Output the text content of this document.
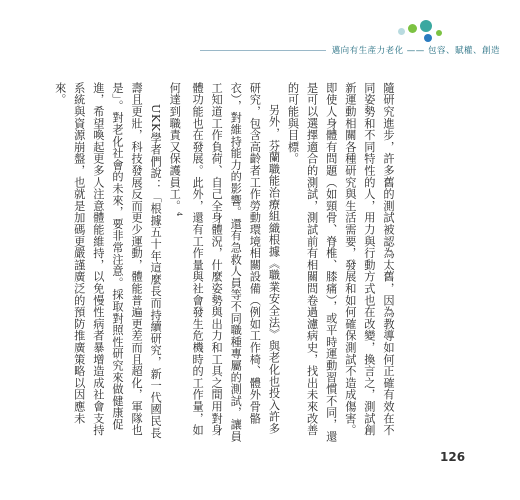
邁向有生產力老化 —— 包容、賦權、創造

隨研究進步，許多舊的測試被認為太舊，因為教導如何正確有效在不同姿勢和不同特性的人，用力與行動方式也在改變，換言之，測試創新運動相關各種研究與生活需要，發展和如何確保測試不造成傷害。即使人身體有問題（如頸骨、脊椎、膝痛），或平時運動習慣不同，還是可以選擇適合的測試，測試前有相關問卷過濾病史，找出未來改善的可能與目標。

另外，芬蘭職能治療組織根據《職業安全法》與老化也投入許多研究，包含高齡者工作勞動環境相關設備（例如工作椅、體外骨骼衣），對維持能力的影響。還有急救人員等不同職種專屬的測試，讓員工知道工作負荷、自己全身體況，什麼姿勢與出力和工具之間用對身體功能也在發展。此外，還有工作量與社會發生危機時的工作量，如何達到職責又保護員工。$^4$

UKK學者們說：「根據五十年這麼長而持續研究，新一代國民長壽且更壯，科技發展反而更少運動，體能普遍更差而且超化，軍隊也是」。對老化社會的未來，要非常注意。採取對照性研究來做健康促進，希望喚起更多人注意體能維持，以免慢性病者暴增造成社會支持系統與資源崩盤，也就是加碼更嚴謹廣泛的預防推廣策略以因應未來。

126
